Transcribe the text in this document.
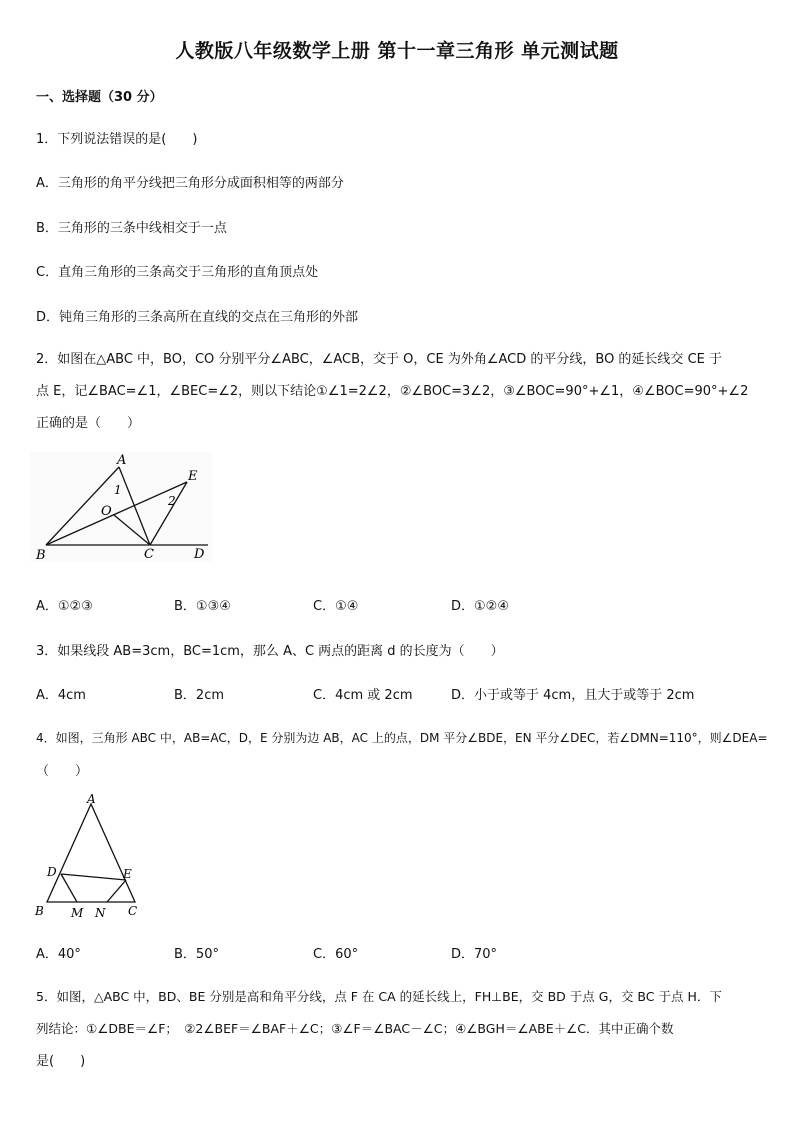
人教版八年级数学上册 第十一章三角形 单元测试题
一、选择题（30 分）
1．下列说法错误的是(　　)
A．三角形的角平分线把三角形分成面积相等的两部分
B．三角形的三条中线相交于一点
C．直角三角形的三条高交于三角形的直角顶点处
D．钝角三角形的三条高所在直线的交点在三角形的外部
2．如图在△ABC 中，BO，CO 分别平分∠ABC，∠ACB，交于 O，CE 为外角∠ACD 的平分线，BO 的延长线交 CE 于
点 E，记∠BAC=∠1，∠BEC=∠2，则以下结论①∠1=2∠2，②∠BOC=3∠2，③∠BOC=90°+∠1，④∠BOC=90°+∠2
正确的是（　　）
A
B	C	D
E
O
1
2
A．①②③	B．①③④	C．①④	D．①②④
3．如果线段 AB=3cm，BC=1cm，那么 A、C 两点的距离 d 的长度为（　　）
A．4cm	B．2cm	C．4cm 或 2cm	D．小于或等于 4cm，且大于或等于 2cm
4．如图，三角形 ABC 中，AB=AC，D，E 分别为边 AB，AC 上的点，DM 平分∠BDE，EN 平分∠DEC，若∠DMN=110°，则∠DEA=
（　　）
A
B	C
D	E
M N
A．40°	B．50°	C．60°	D．70°
5．如图，△ABC 中，BD、BE 分别是高和角平分线，点 F 在 CA 的延长线上，FH⊥BE，交 BD 于点 G，交 BC 于点 H．下
列结论：①∠DBE＝∠F；　②2∠BEF＝∠BAF＋∠C；③∠F＝∠BAC－∠C；④∠BGH＝∠ABE＋∠C．其中正确个数
是(　　)
